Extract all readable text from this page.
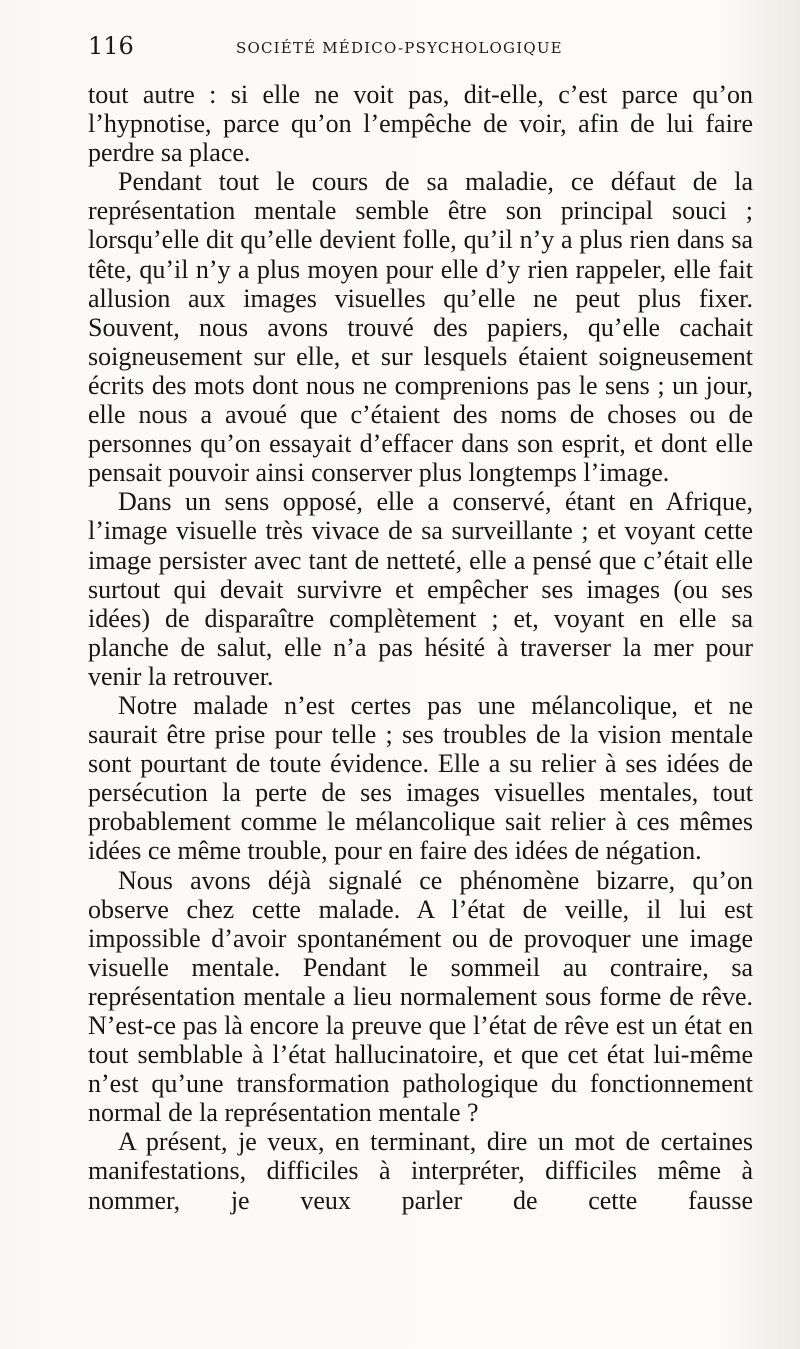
116	SOCIÉTÉ MÉDICO-PSYCHOLOGIQUE

tout autre : si elle ne voit pas, dit-elle, c’est parce qu’on l’hypnotise, parce qu’on l’empêche de voir, afin de lui faire perdre sa place.

Pendant tout le cours de sa maladie, ce défaut de la représentation mentale semble être son principal souci ; lorsqu’elle dit qu’elle devient folle, qu’il n’y a plus rien dans sa tête, qu’il n’y a plus moyen pour elle d’y rien rappeler, elle fait allusion aux images visuelles qu’elle ne peut plus fixer. Souvent, nous avons trouvé des papiers, qu’elle cachait soigneusement sur elle, et sur lesquels étaient soigneusement écrits des mots dont nous ne comprenions pas le sens ; un jour, elle nous a avoué que c’étaient des noms de choses ou de personnes qu’on essayait d’effacer dans son esprit, et dont elle pensait pouvoir ainsi conserver plus longtemps l’image.

Dans un sens opposé, elle a conservé, étant en Afrique, l’image visuelle très vivace de sa surveillante ; et voyant cette image persister avec tant de netteté, elle a pensé que c’était elle surtout qui devait survivre et empêcher ses images (ou ses idées) de disparaître complètement ; et, voyant en elle sa planche de salut, elle n’a pas hésité à traverser la mer pour venir la retrouver.

Notre malade n’est certes pas une mélancolique, et ne saurait être prise pour telle ; ses troubles de la vision mentale sont pourtant de toute évidence. Elle a su relier à ses idées de persécution la perte de ses images visuelles mentales, tout probablement comme le mélancolique sait relier à ces mêmes idées ce même trouble, pour en faire des idées de négation.

Nous avons déjà signalé ce phénomène bizarre, qu’on observe chez cette malade. A l’état de veille, il lui est impossible d’avoir spontanément ou de provoquer une image visuelle mentale. Pendant le sommeil au contraire, sa représentation mentale a lieu normalement sous forme de rêve. N’est-ce pas là encore la preuve que l’état de rêve est un état en tout semblable à l’état hallucinatoire, et que cet état lui-même n’est qu’une transformation pathologique du fonctionnement normal de la représentation mentale ?

A présent, je veux, en terminant, dire un mot de certaines manifestations, difficiles à interpréter, difficiles même à nommer, je veux parler de cette fausse
